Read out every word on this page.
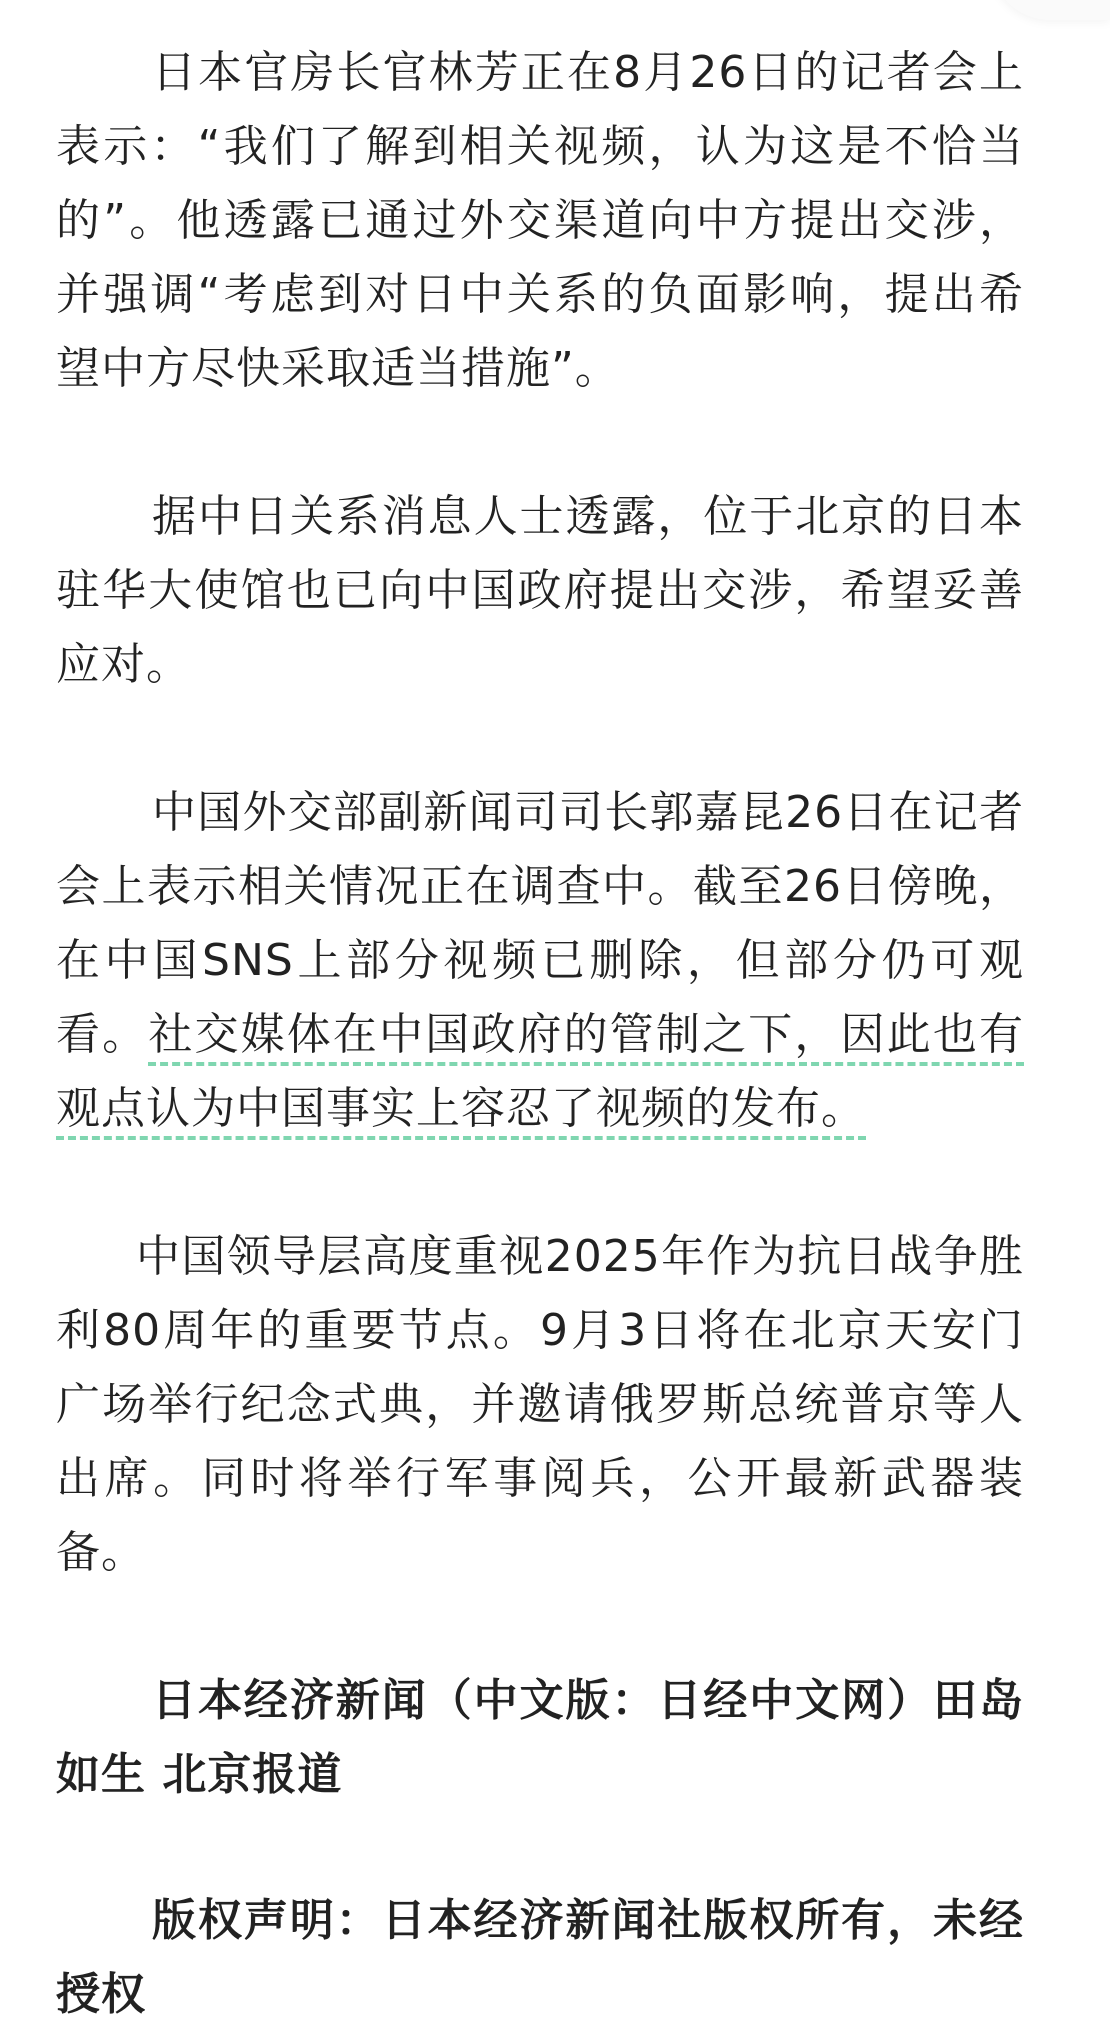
日本官房长官林芳正在8月26日的记者会上表示：“我们了解到相关视频，认为这是不恰当的”。他透露已通过外交渠道向中方提出交涉，并强调“考虑到对日中关系的负面影响，提出希望中方尽快采取适当措施”。

据中日关系消息人士透露，位于北京的日本驻华大使馆也已向中国政府提出交涉，希望妥善应对。

中国外交部副新闻司司长郭嘉昆26日在记者会上表示相关情况正在调查中。截至26日傍晚，在中国SNS上部分视频已删除，但部分仍可观看。社交媒体在中国政府的管制之下，因此也有观点认为中国事实上容忍了视频的发布。

中国领导层高度重视2025年作为抗日战争胜利80周年的重要节点。9月3日将在北京天安门广场举行纪念式典，并邀请俄罗斯总统普京等人出席。同时将举行军事阅兵，公开最新武器装备。

日本经济新闻（中文版：日经中文网）田岛如生 北京报道

版权声明：日本经济新闻社版权所有，未经授权
